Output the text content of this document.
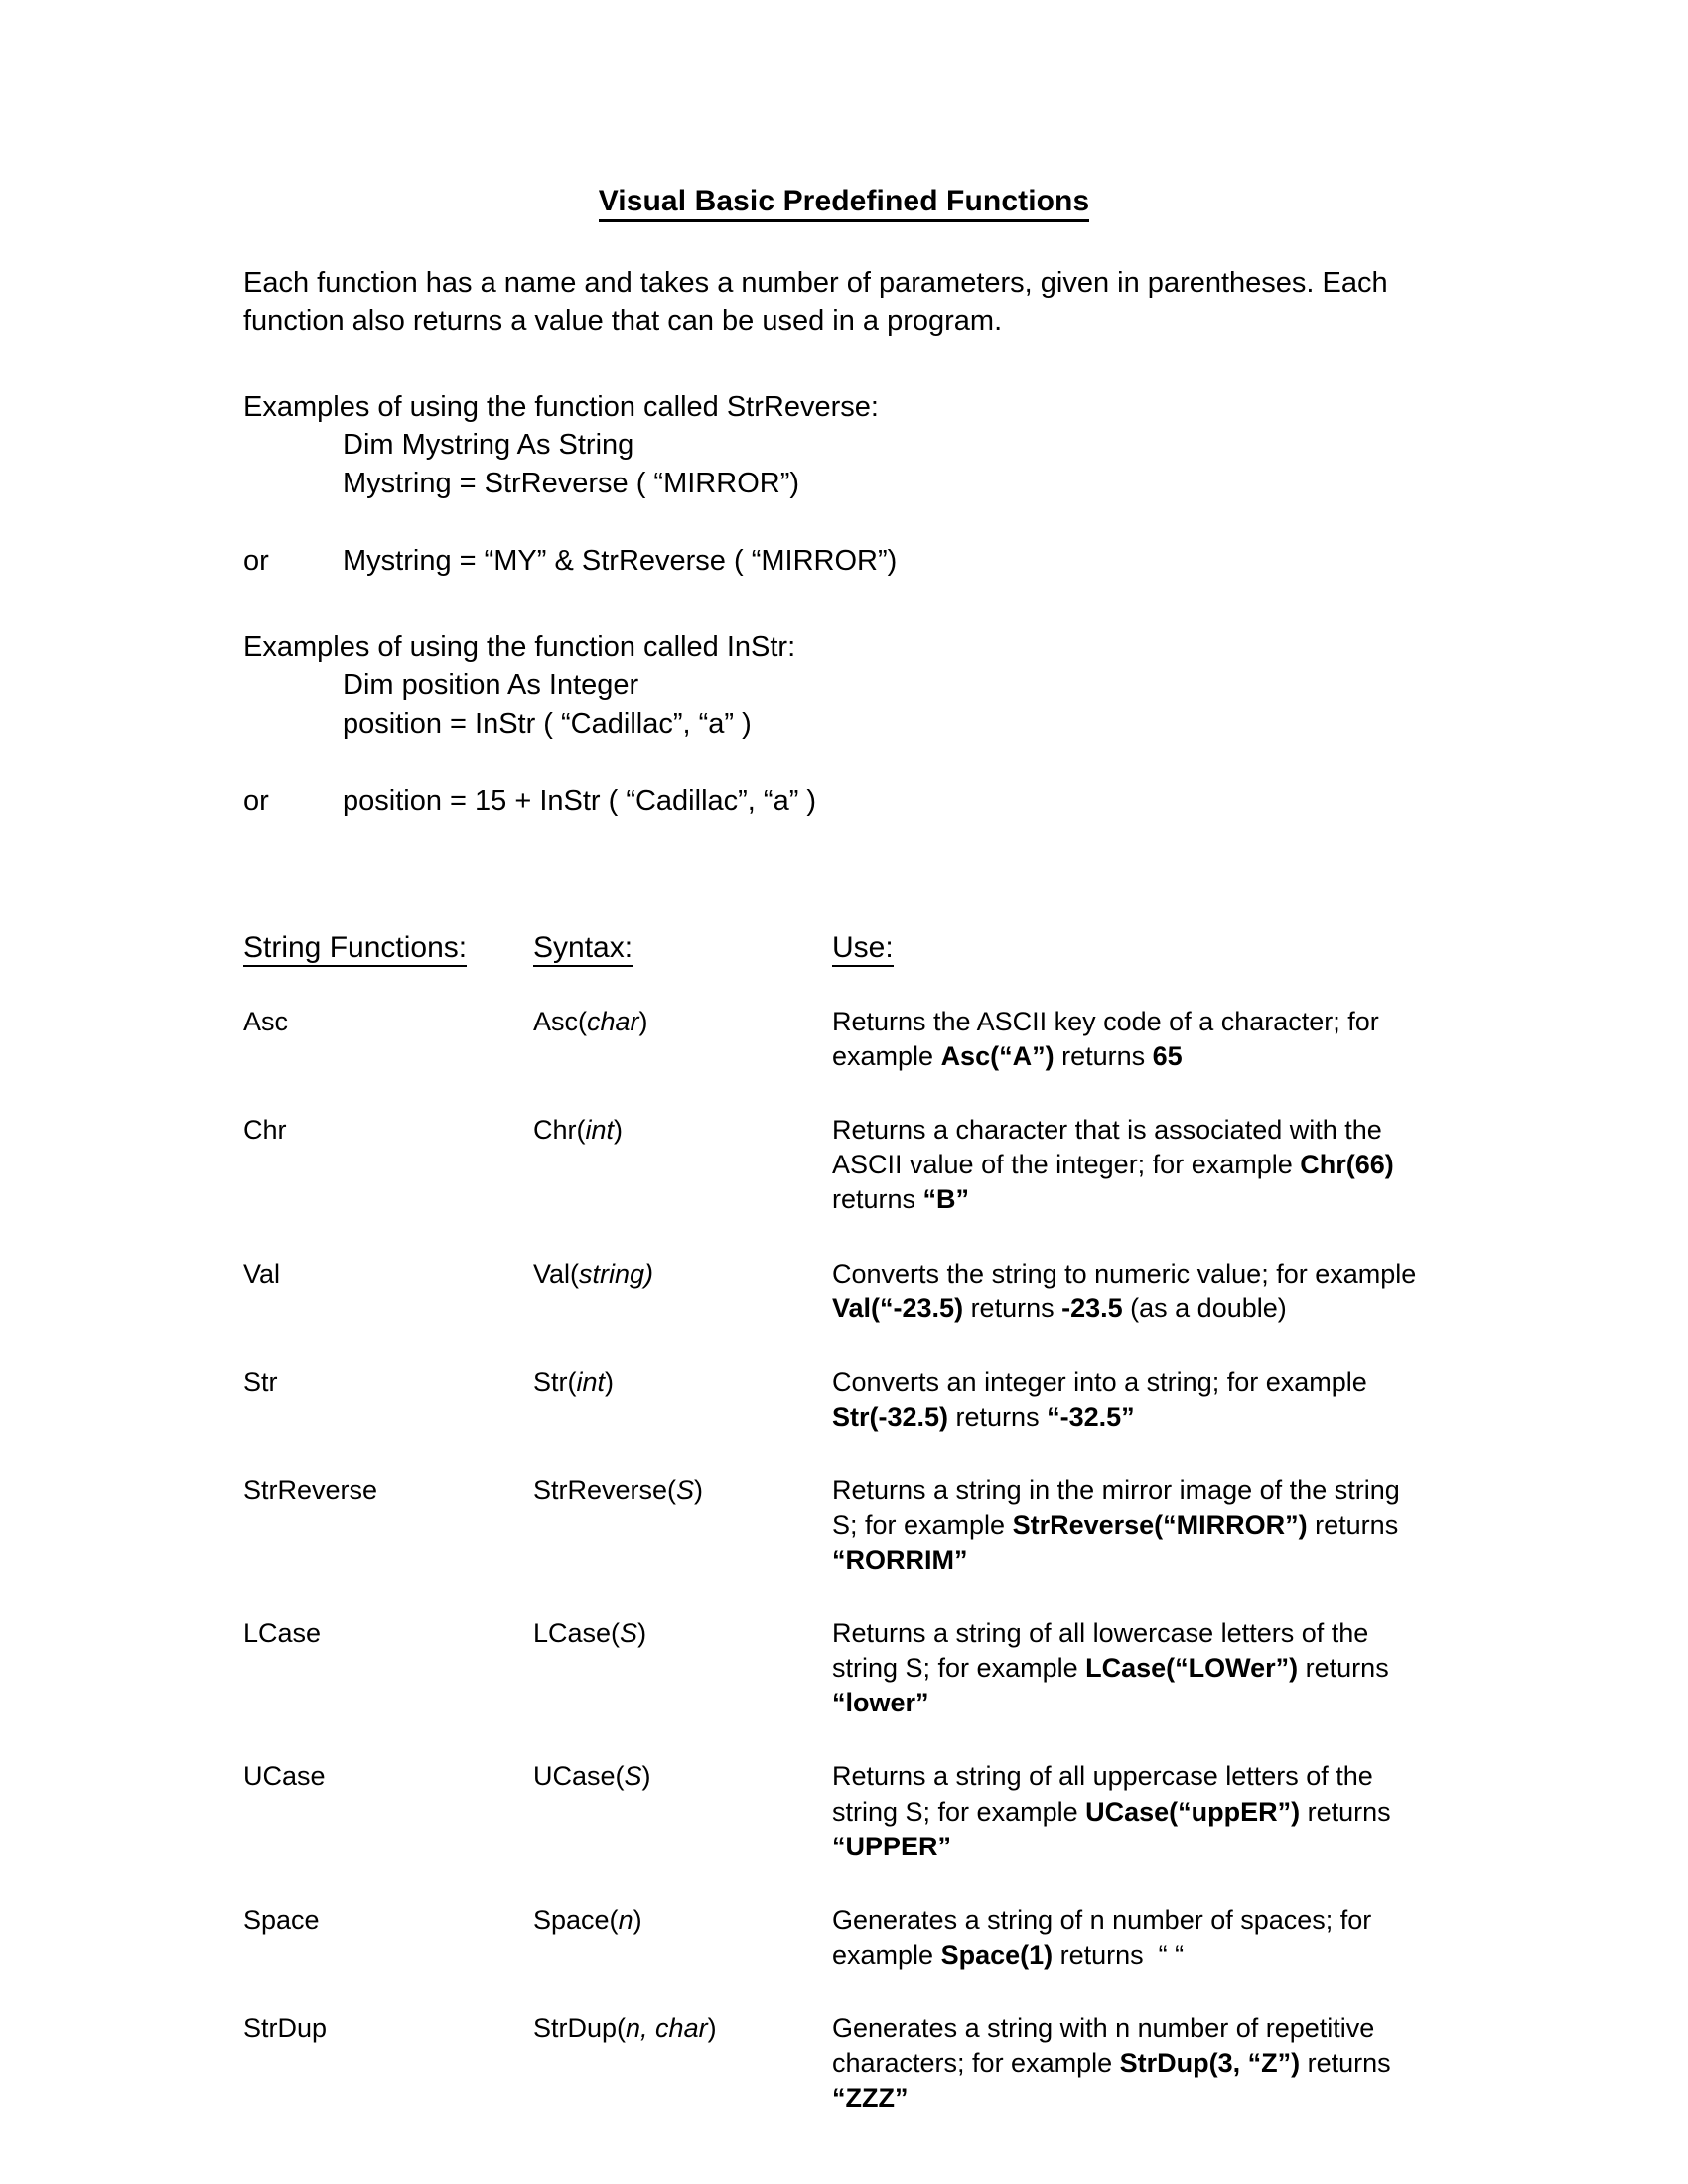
Visual Basic Predefined Functions

Each function has a name and takes a number of parameters, given in parentheses. Each function also returns a value that can be used in a program.

Examples of using the function called StrReverse:
Dim Mystring As String
Mystring = StrReverse ( “MIRROR”)
or	Mystring = “MY” & StrReverse ( “MIRROR”)
Examples of using the function called InStr:
Dim position As Integer
position = InStr ( “Cadillac”, “a” )
or	position = 15 + InStr ( “Cadillac”, “a” )
String Functions:	Syntax:	Use:
Asc	Asc(char)	Returns the ASCII key code of a character; for example Asc(“A”) returns 65
Chr	Chr(int)	Returns a character that is associated with the ASCII value of the integer; for example Chr(66) returns “B”
Val	Val(string)	Converts the string to numeric value; for example Val(“-23.5) returns -23.5 (as a double)
Str	Str(int)	Converts an integer into a string; for example Str(-32.5) returns “-32.5”
StrReverse	StrReverse(S)	Returns a string in the mirror image of the string S; for example StrReverse(“MIRROR”) returns “RORRIM”
LCase	LCase(S)	Returns a string of all lowercase letters of the string S; for example LCase(“LOWer”) returns “lower”
UCase	UCase(S)	Returns a string of all uppercase letters of the string S; for example UCase(“uppER”) returns “UPPER”
Space	Space(n)	Generates a string of n number of spaces; for example Space(1) returns  “ “
StrDup	StrDup(n, char)	Generates a string with n number of repetitive characters; for example StrDup(3, “Z”) returns “ZZZ”
